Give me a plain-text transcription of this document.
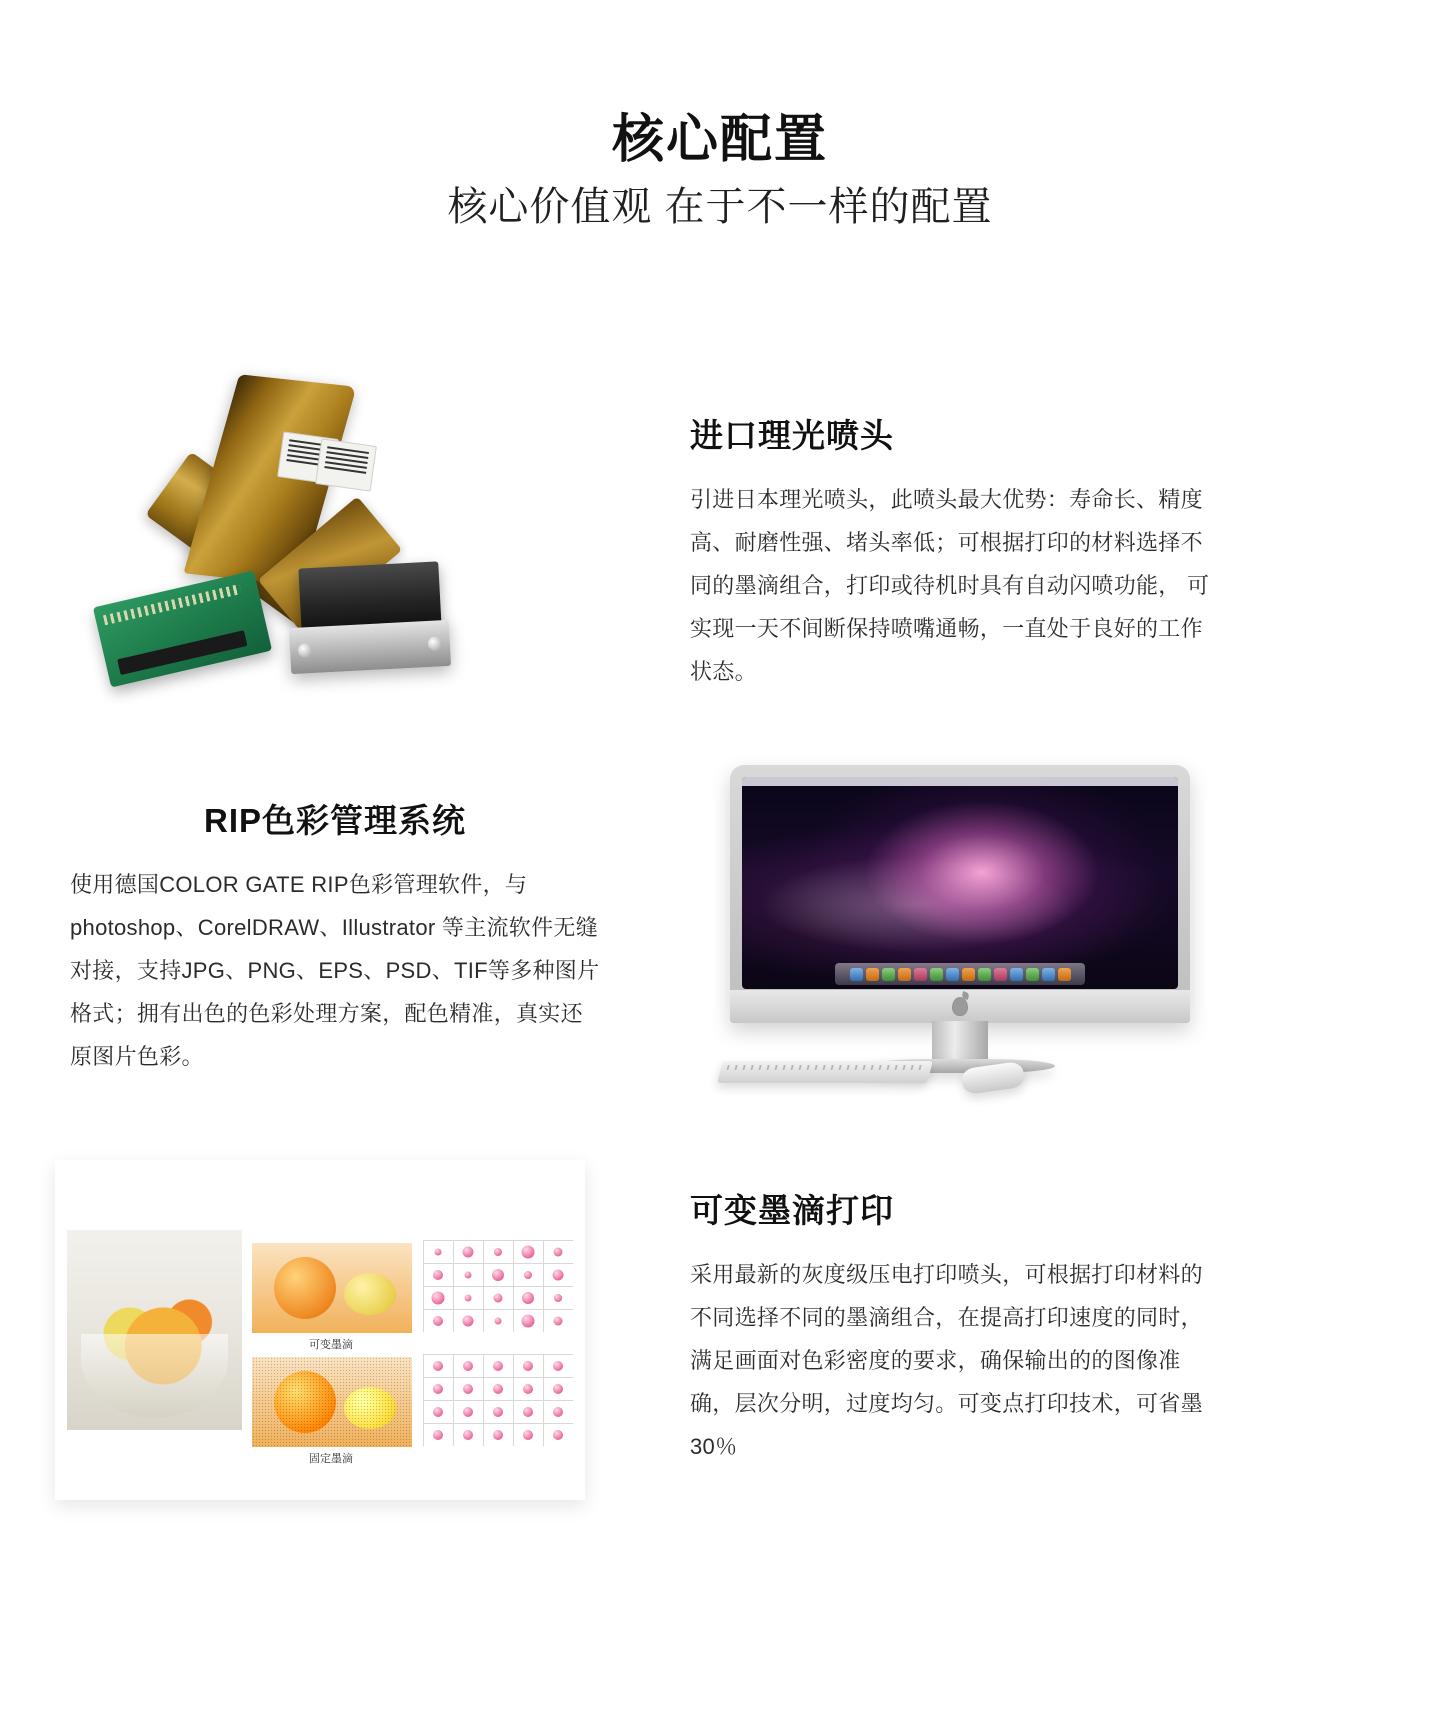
核心配置
核心价值观 在于不一样的配置
进口理光喷头
引进日本理光喷头，此喷头最大优势：寿命长、精度高、耐磨性强、堵头率低；可根据打印的材料选择不同的墨滴组合，打印或待机时具有自动闪喷功能， 可实现一天不间断保持喷嘴通畅，一直处于良好的工作状态。
RIP色彩管理系统
使用德国COLOR GATE RIP色彩管理软件，与photoshop、CorelDRAW、Illustrator 等主流软件无缝对接，支持JPG、PNG、EPS、PSD、TIF等多种图片格式；拥有出色的色彩处理方案，配色精准，真实还原图片色彩。
可变墨滴
固定墨滴
可变墨滴打印
采用最新的灰度级压电打印喷头，可根据打印材料的不同选择不同的墨滴组合，在提高打印速度的同时，满足画面对色彩密度的要求，确保输出的的图像准确，层次分明，过度均匀。可变点打印技术，可省墨30％
